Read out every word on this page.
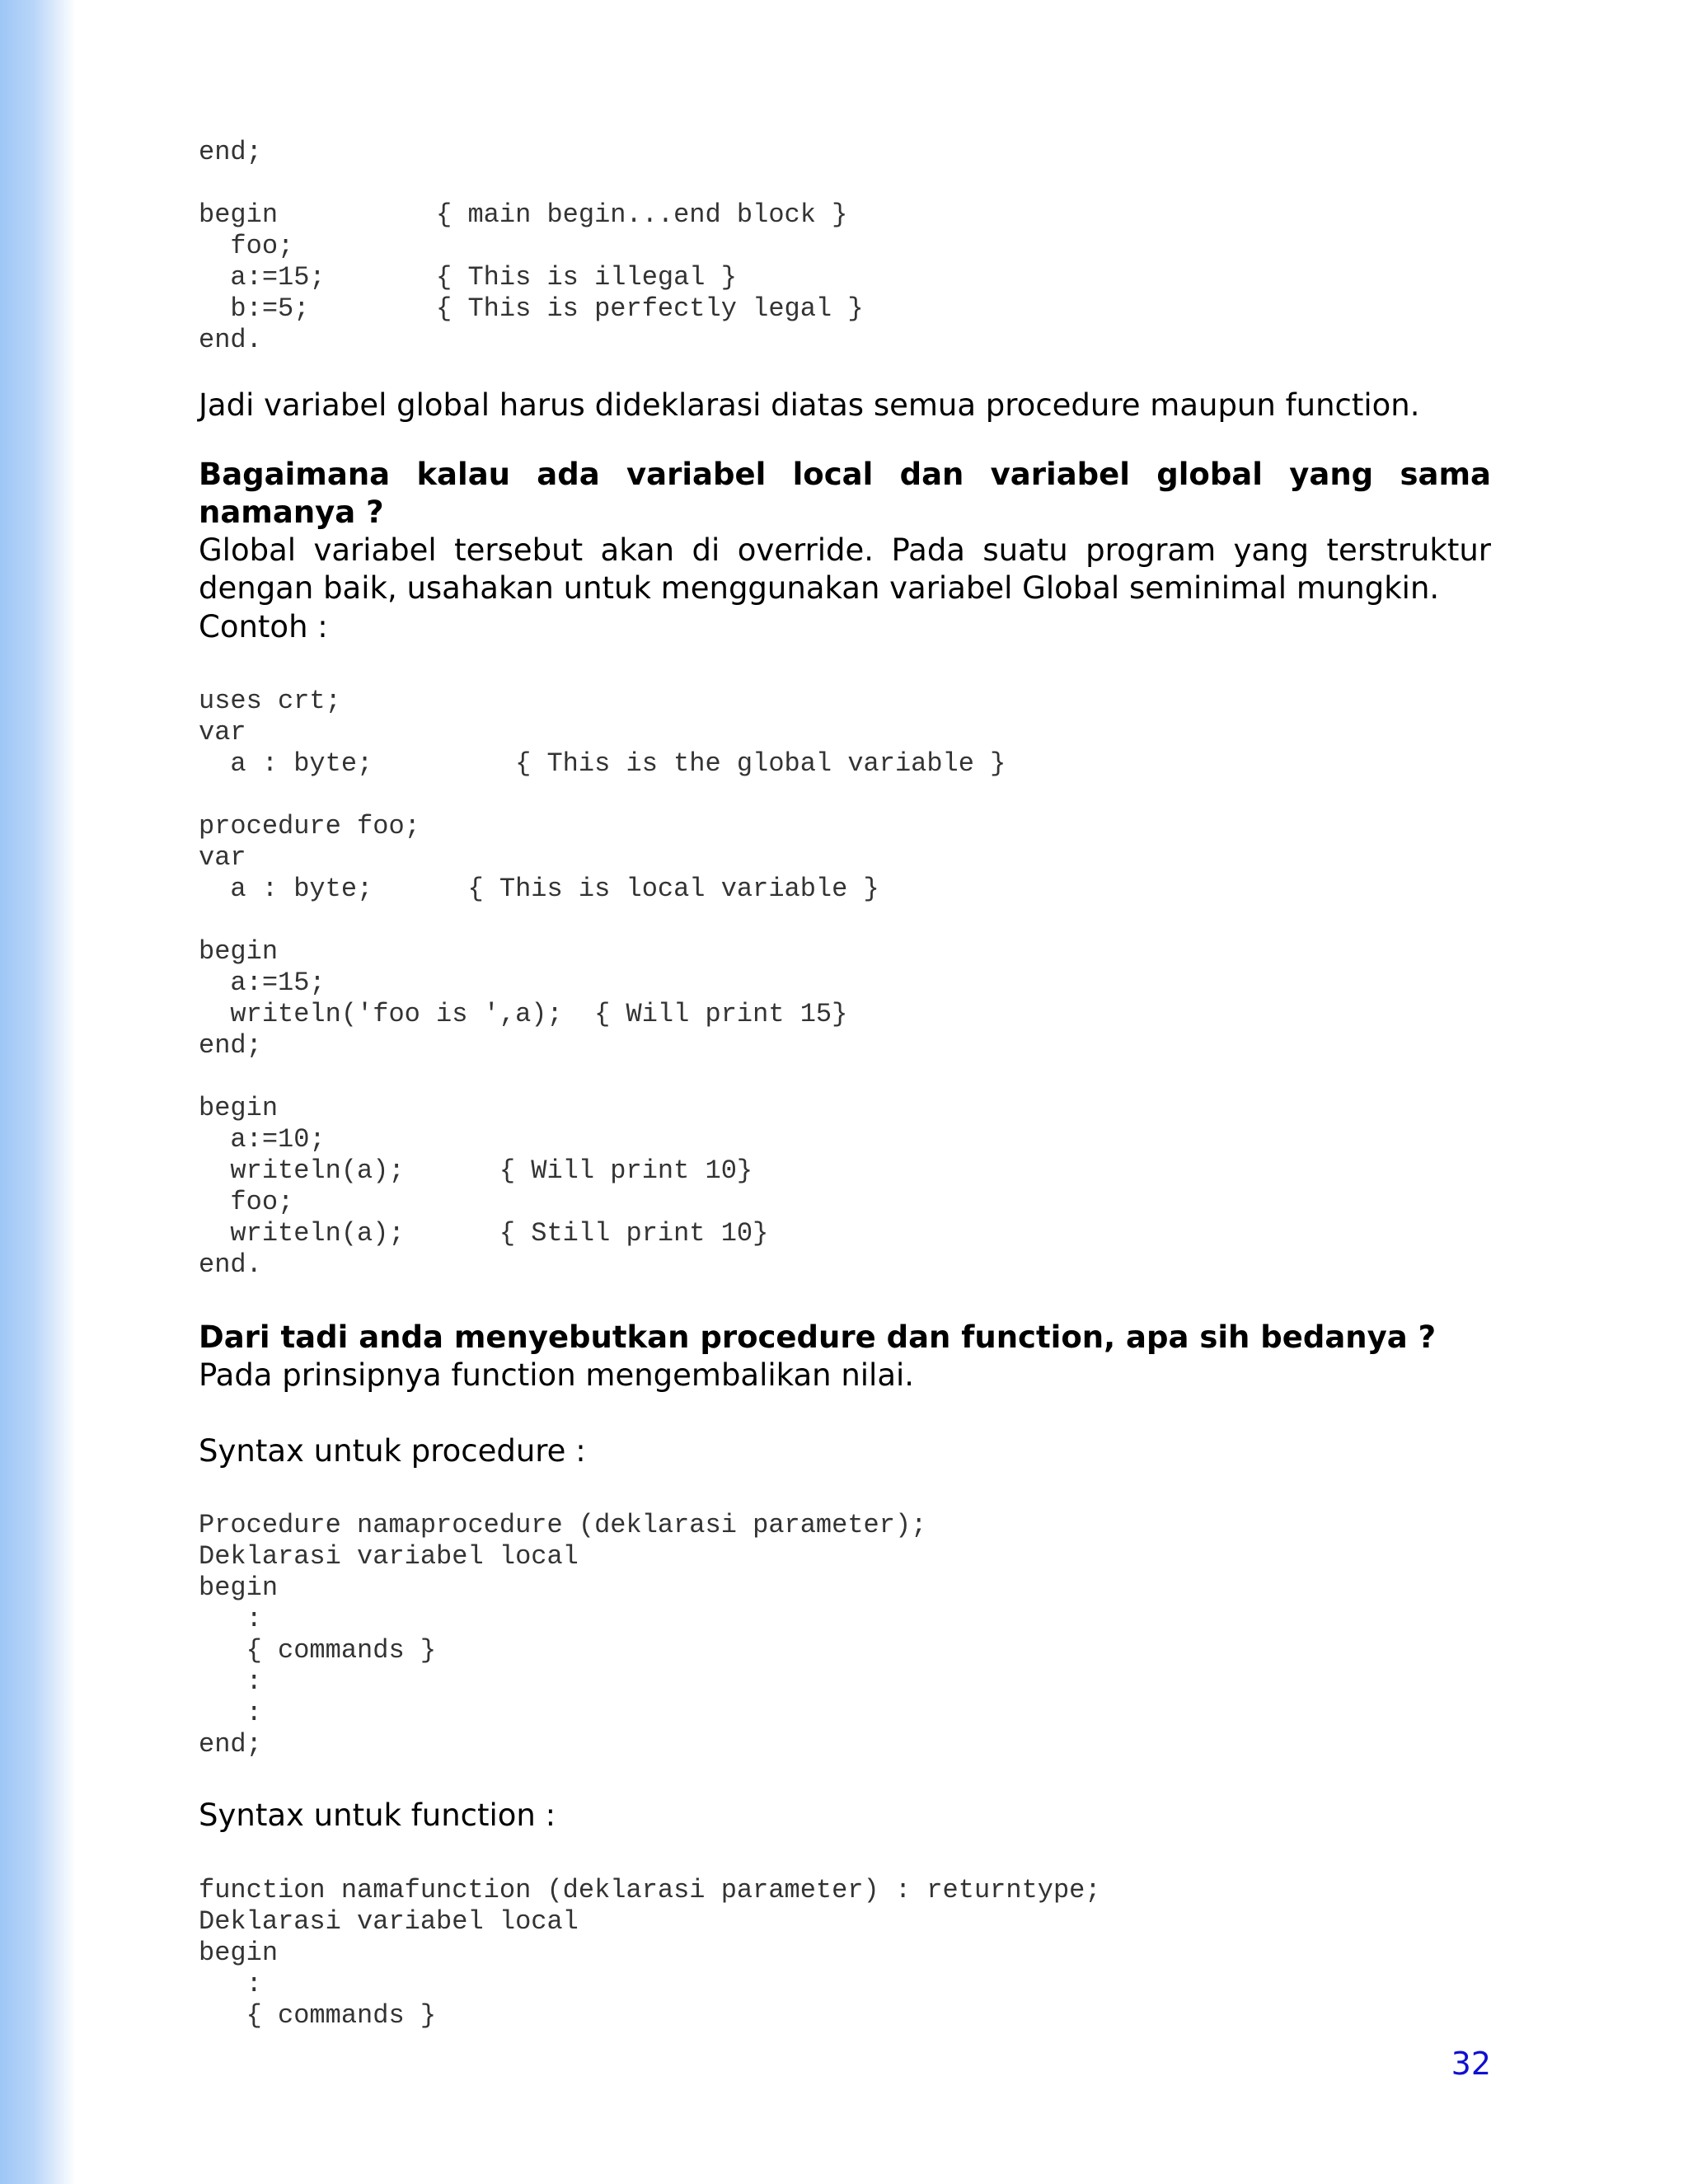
end;

begin          { main begin...end block }
foo;
a:=15;       { This is illegal }
b:=5;        { This is perfectly legal }
end.

Jadi variabel global harus dideklarasi diatas semua procedure maupun function.

Bagaimana kalau ada variabel local dan variabel global yang sama namanya ?
Global variabel tersebut akan di override. Pada suatu program yang terstruktur dengan baik, usahakan untuk menggunakan variabel Global seminimal mungkin.

Contoh :

uses crt;
var
a : byte;         { This is the global variable }

procedure foo;
var
a : byte;      { This is local variable }

begin
a:=15;
writeln('foo is ',a);  { Will print 15}
end;

begin
a:=10;
writeln(a);      { Will print 10}
foo;
writeln(a);      { Still print 10}
end.
Dari tadi anda menyebutkan procedure dan function, apa sih bedanya ?
Pada prinsipnya function mengembalikan nilai.

Syntax untuk procedure :

Procedure namaprocedure (deklarasi parameter);
Deklarasi variabel local
begin
:
{ commands }
:
:
end;

Syntax untuk function :

function namafunction (deklarasi parameter) : returntype;
Deklarasi variabel local
begin
:
{ commands }
32
